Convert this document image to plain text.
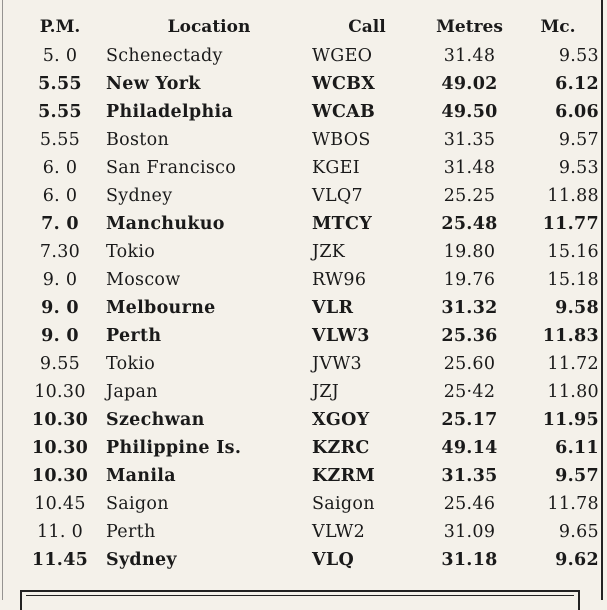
P.M.	Location	Call	Metres	Mc.
5. 0	Schenectady	WGEO	31.48	9.53
5.55	New York	WCBX	49.02	6.12
5.55	Philadelphia	WCAB	49.50	6.06
5.55	Boston	WBOS	31.35	9.57
6. 0	San Francisco	KGEI	31.48	9.53
6. 0	Sydney	VLQ7	25.25	11.88
7. 0	Manchukuo	MTCY	25.48	11.77
7.30	Tokio	JZK	19.80	15.16
9. 0	Moscow	RW96	19.76	15.18
9. 0	Melbourne	VLR	31.32	9.58
9. 0	Perth	VLW3	25.36	11.83
9.55	Tokio	JVW3	25.60	11.72
10.30	Japan	JZJ	25·42	11.80
10.30	Szechwan	XGOY	25.17	11.95
10.30	Philippine Is.	KZRC	49.14	6.11
10.30	Manila	KZRM	31.35	9.57
10.45	Saigon	Saigon	25.46	11.78
11. 0	Perth	VLW2	31.09	9.65
11.45	Sydney	VLQ	31.18	9.62
